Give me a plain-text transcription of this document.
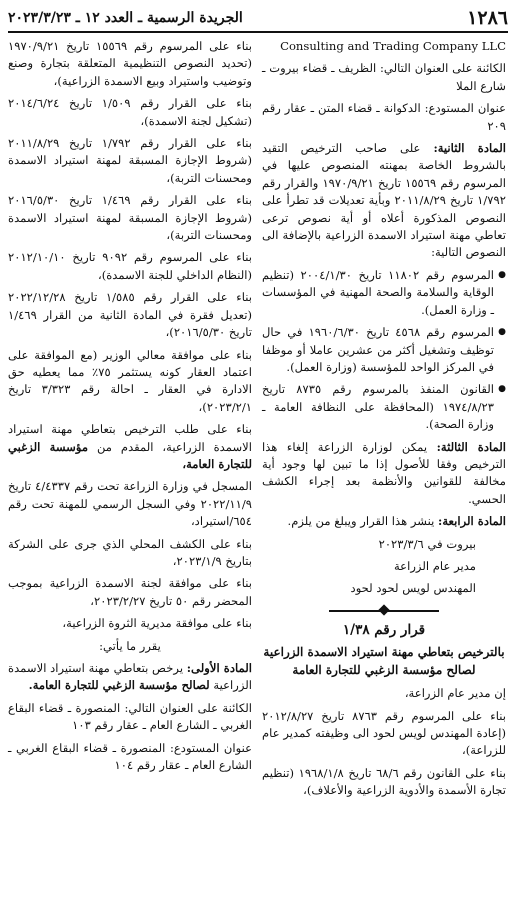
١٢٨٦
الجريدة الرسمية ـ العدد ١٢ ـ ٢٠٢٣/٣/٢٣

Consulting and Trading Company LLC

الكائنة على العنوان التالي: الظريف ـ قضاء بيروت ـ شارع الملا

عنوان المستودع: الدكوانة ـ قضاء المتن ـ عقار رقم ٢٠٩

المادة الثانية: على صاحب الترخيص التقيد بالشروط الخاصة بمهنته المنصوص عليها في المرسوم رقم ١٥٥٦٩ تاريخ ١٩٧٠/٩/٢١ والقرار رقم ١/٧٩٢ تاريخ ٢٠١١/٨/٢٩ وبأية تعديلات قد تطرأ على النصوص المذكورة أعلاه أو أية نصوص ترعى تعاطي مهنة استيراد الاسمدة الزراعية بالإضافة الى النصوص التالية:

● المرسوم رقم ١١٨٠٢ تاريخ ٢٠٠٤/١/٣٠ (تنظيم الوقاية والسلامة والصحة المهنية في المؤسسات ـ وزارة العمل).

● المرسوم رقم ٤٥٦٨ تاريخ ١٩٦٠/٦/٣٠ في حال توظيف وتشغيل أكثر من عشرين عاملا أو موظفا في المركز الواحد للمؤسسة (وزارة العمل).

● القانون المنفذ بالمرسوم رقم ٨٧٣٥ تاريخ ١٩٧٤/٨/٢٣ (المحافظة على النظافة العامة ـ وزارة الصحة).

المادة الثالثة: يمكن لوزارة الزراعة إلغاء هذا الترخيص وفقا للأصول إذا ما تبين لها وجود أية مخالفة للقوانين والأنظمة بعد إجراء الكشف الحسي.

المادة الرابعة: ينشر هذا القرار ويبلغ من يلزم.

بيروت في ٢٠٢٣/٣/٦

مدير عام الزراعة

المهندس لويس لحود لحود

قرار رقم ١/٣٨
بالترخيص بتعاطي مهنة استيراد الاسمدة الزراعية لصالح مؤسسة الزغبي للتجارة العامة

إن مدير عام الزراعة،

بناء على المرسوم رقم ٨٧٦٣ تاريخ ٢٠١٢/٨/٢٧ (إعادة المهندس لويس لحود الى وظيفته كمدير عام للزراعة)،

بناء على القانون رقم ٦٨/٦ تاريخ ١٩٦٨/١/٨ (تنظيم تجارة الأسمدة والأدوية الزراعية والأعلاف)،

بناء على المرسوم رقم ١٥٥٦٩ تاريخ ١٩٧٠/٩/٢١ (تحديد النصوص التنظيمية المتعلقة بتجارة وصنع وتوضيب واستيراد وبيع الاسمدة الزراعية)،

بناء على القرار رقم ١/٥٠٩ تاريخ ٢٠١٤/٦/٢٤ (تشكيل لجنة الاسمدة)،

بناء على القرار رقم ١/٧٩٢ تاريخ ٢٠١١/٨/٢٩ (شروط الإجازة المسبقة لمهنة استيراد الاسمدة ومحسنات التربة)،

بناء على القرار رقم ١/٤٦٩ تاريخ ٢٠١٦/٥/٣٠ (شروط الإجازة المسبقة لمهنة استيراد الاسمدة ومحسنات التربة)،

بناء على المرسوم رقم ٩٠٩٢ تاريخ ٢٠١٢/١٠/١٠ (النظام الداخلي للجنة الاسمدة)،

بناء على القرار رقم ١/٥٨٥ تاريخ ٢٠٢٢/١٢/٢٨ (تعديل فقرة في المادة الثانية من القرار ١/٤٦٩ تاريخ ٢٠١٦/٥/٣٠)،

بناء على موافقة معالي الوزير (مع الموافقة على اعتماد العقار كونه يستثمر ٧٥٪ مما يعطيه حق الادارة في العقار ـ احالة رقم ٣/٣٢٣ تاريخ ٢٠٢٣/٢/١)،

بناء على طلب الترخيص بتعاطي مهنة استيراد الاسمدة الزراعية، المقدم من مؤسسة الزغبي للتجارة العامة،

المسجل في وزارة الزراعة تحت رقم ٤/٤٣٣٧ تاريخ ٢٠٢٢/١١/٩ وفي السجل الرسمي للمهنة تحت رقم ٦٥٤/استيراد،

بناء على الكشف المحلي الذي جرى على الشركة بتاريخ ٢٠٢٣/١/٩،

بناء على موافقة لجنة الاسمدة الزراعية بموجب المحضر رقم ٥٠ تاريخ ٢٠٢٣/٢/٢٧،

بناء على موافقة مديرية الثروة الزراعية،

يقرر ما يأتي:

المادة الأولى: يرخص بتعاطي مهنة استيراد الاسمدة الزراعية لصالح مؤسسة الزغبي للتجارة العامة.

الكائنة على العنوان التالي: المنصورة ـ قضاء البقاع الغربي ـ الشارع العام ـ عقار رقم ١٠٣

عنوان المستودع: المنصورة ـ قضاء البقاع الغربي ـ الشارع العام ـ عقار رقم ١٠٤
